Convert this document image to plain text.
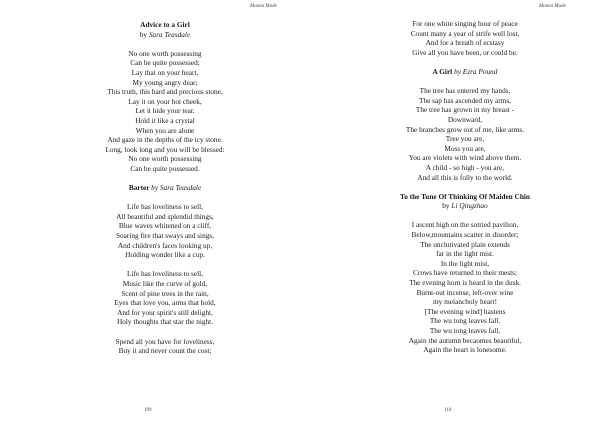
Moana Made
Advice to a Girl
by Sara Teasdale
No one worth possessing
Can be quite possessed;
Lay that on your heart,
My young angry dear;
This truth, this hard and precious stone,
Lay it on your hot cheek,
Let it hide your tear.
Hold it like a crystal
When you are alone
And gaze in the depths of the icy stone.
Long, look long and you will be blessed:
No one worth possessing
Can be quite possessed.
Barter by Sara Teasdale
Life has loveliness to sell,
All beautiful and splendid things,
Blue waves whitened on a cliff,
Soaring fire that sways and sings,
And children's faces looking up,
Holding wonder like a cup.
Life has loveliness to sell,
Music like the curve of gold,
Scent of pine trees in the rain,
Eyes that love you, arms that hold,
And for your spirit's still delight,
Holy thoughts that star the night.
Spend all you have for loveliness,
Buy it and never count the cost;
109
Moana Made
For one white singing hour of peace
Count many a year of strife well lost,
And for a breath of ecstasy
Give all you have been, or could be.
A Girl by Ezra Pound
The tree has entered my hands,
The sap has ascended my arms,
The tree has grown in my breast -
Downward,
The branches grow out of me, like arms.
Tree you are,
Moss you are,
You are violets with wind above them.
A child - so high - you are,
And all this is folly to the world.
To the Tune Of Thinking Of Maiden Chin
by Li Qingzhao
I ascent high on the sotried pavilion,
Below,mountains scatter in disorder;
The unclutivated plain extends
far in the light mist.
In the light mist,
Crows have returned to their mests;
The evening horn is heard in the dusk.
Burnt-out incense, left-over wine
my melancholy heart!
[The evening wind] hastens
The wu tong leaves fall.
The wu tong leaves fall,
Again the autumn becaomes beautiful,
Again the heart is lonesome.
110
